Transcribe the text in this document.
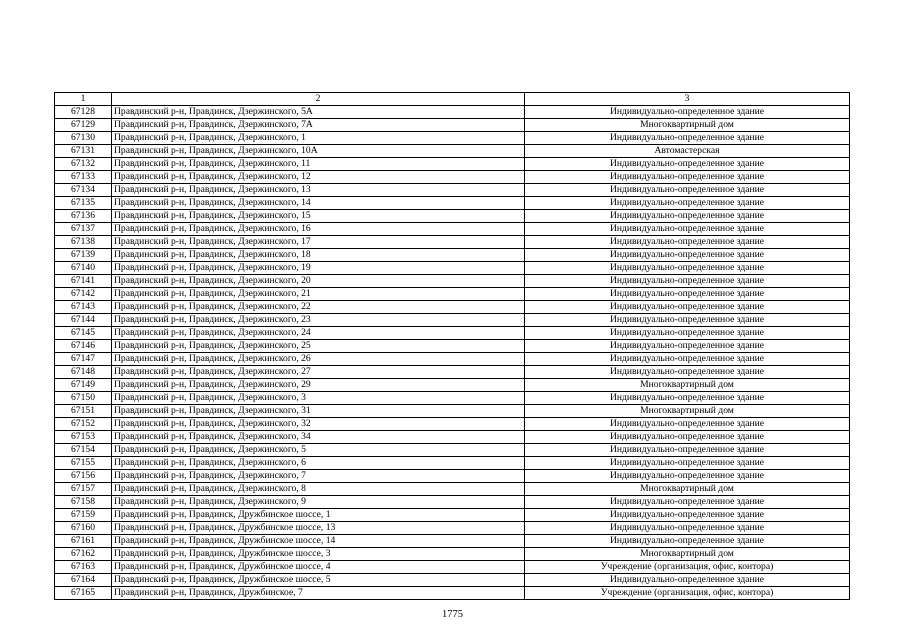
1	2	3
67128	Правдинский р-н, Правдинск, Дзержинского, 5А	Индивидуально-определенное здание
67129	Правдинский р-н, Правдинск, Дзержинского, 7А	Многоквартирный дом
67130	Правдинский р-н, Правдинск, Дзержинского, 1	Индивидуально-определенное здание
67131	Правдинский р-н, Правдинск, Дзержинского, 10А	Автомастерская
67132	Правдинский р-н, Правдинск, Дзержинского, 11	Индивидуально-определенное здание
67133	Правдинский р-н, Правдинск, Дзержинского, 12	Индивидуально-определенное здание
67134	Правдинский р-н, Правдинск, Дзержинского, 13	Индивидуально-определенное здание
67135	Правдинский р-н, Правдинск, Дзержинского, 14	Индивидуально-определенное здание
67136	Правдинский р-н, Правдинск, Дзержинского, 15	Индивидуально-определенное здание
67137	Правдинский р-н, Правдинск, Дзержинского, 16	Индивидуально-определенное здание
67138	Правдинский р-н, Правдинск, Дзержинского, 17	Индивидуально-определенное здание
67139	Правдинский р-н, Правдинск, Дзержинского, 18	Индивидуально-определенное здание
67140	Правдинский р-н, Правдинск, Дзержинского, 19	Индивидуально-определенное здание
67141	Правдинский р-н, Правдинск, Дзержинского, 20	Индивидуально-определенное здание
67142	Правдинский р-н, Правдинск, Дзержинского, 21	Индивидуально-определенное здание
67143	Правдинский р-н, Правдинск, Дзержинского, 22	Индивидуально-определенное здание
67144	Правдинский р-н, Правдинск, Дзержинского, 23	Индивидуально-определенное здание
67145	Правдинский р-н, Правдинск, Дзержинского, 24	Индивидуально-определенное здание
67146	Правдинский р-н, Правдинск, Дзержинского, 25	Индивидуально-определенное здание
67147	Правдинский р-н, Правдинск, Дзержинского, 26	Индивидуально-определенное здание
67148	Правдинский р-н, Правдинск, Дзержинского, 27	Индивидуально-определенное здание
67149	Правдинский р-н, Правдинск, Дзержинского, 29	Многоквартирный дом
67150	Правдинский р-н, Правдинск, Дзержинского, 3	Индивидуально-определенное здание
67151	Правдинский р-н, Правдинск, Дзержинского, 31	Многоквартирный дом
67152	Правдинский р-н, Правдинск, Дзержинского, 32	Индивидуально-определенное здание
67153	Правдинский р-н, Правдинск, Дзержинского, 34	Индивидуально-определенное здание
67154	Правдинский р-н, Правдинск, Дзержинского, 5	Индивидуально-определенное здание
67155	Правдинский р-н, Правдинск, Дзержинского, 6	Индивидуально-определенное здание
67156	Правдинский р-н, Правдинск, Дзержинского, 7	Индивидуально-определенное здание
67157	Правдинский р-н, Правдинск, Дзержинского, 8	Многоквартирный дом
67158	Правдинский р-н, Правдинск, Дзержинского, 9	Индивидуально-определенное здание
67159	Правдинский р-н, Правдинск, Дружбинское шоссе, 1	Индивидуально-определенное здание
67160	Правдинский р-н, Правдинск, Дружбинское шоссе, 13	Индивидуально-определенное здание
67161	Правдинский р-н, Правдинск, Дружбинское шоссе, 14	Индивидуально-определенное здание
67162	Правдинский р-н, Правдинск, Дружбинское шоссе, 3	Многоквартирный дом
67163	Правдинский р-н, Правдинск, Дружбинское шоссе, 4	Учреждение (организация, офис, контора)
67164	Правдинский р-н, Правдинск, Дружбинское шоссе, 5	Индивидуально-определенное здание
67165	Правдинский р-н, Правдинск, Дружбинское, 7	Учреждение (организация, офис, контора)
1775
